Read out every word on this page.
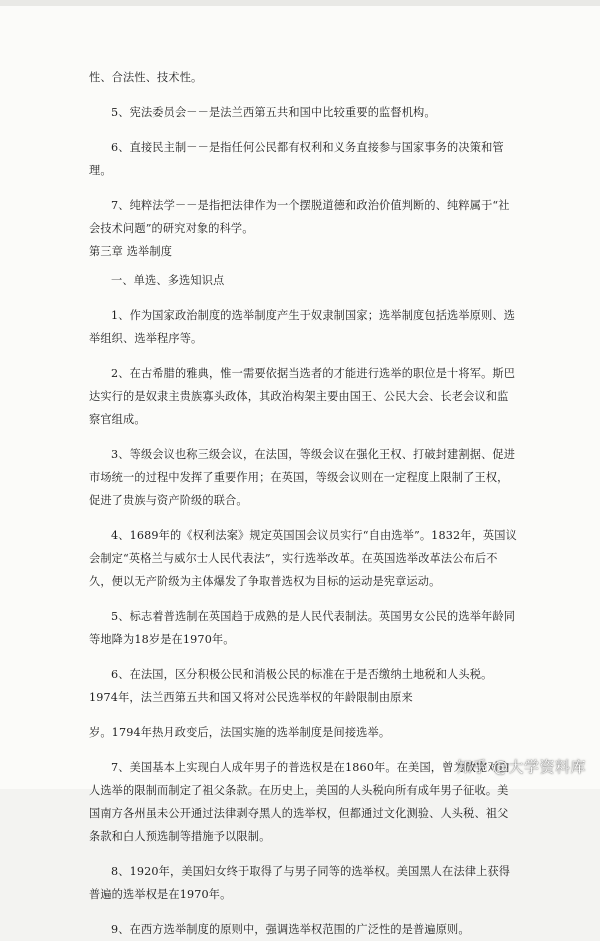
性、合法性、技术性。

5、宪法委员会－－是法兰西第五共和国中比较重要的监督机构。

6、直接民主制－－是指任何公民都有权利和义务直接参与国家事务的决策和管理。

7、纯粹法学－－是指把法律作为一个摆脱道德和政治价值判断的、纯粹属于“社会技术问题”的研究对象的科学。

第三章 选举制度

一、单选、多选知识点

1、作为国家政治制度的选举制度产生于奴隶制国家；选举制度包括选举原则、选举组织、选举程序等。

2、在古希腊的雅典，惟一需要依据当选者的才能进行选举的职位是十将军。斯巴达实行的是奴隶主贵族寡头政体，其政治构架主要由国王、公民大会、长老会议和监察官组成。

3、等级会议也称三级会议，在法国，等级会议在强化王权、打破封建割据、促进市场统一的过程中发挥了重要作用；在英国，等级会议则在一定程度上限制了王权，促进了贵族与资产阶级的联合。

4、1689年的《权利法案》规定英国国会议员实行“自由选举”。1832年，英国议会制定“英格兰与威尔士人民代表法”，实行选举改革。在英国选举改革法公布后不久，便以无产阶级为主体爆发了争取普选权为目标的运动是宪章运动。

5、标志着普选制在英国趋于成熟的是人民代表制法。英国男女公民的选举年龄同等地降为18岁是在1970年。

6、在法国，区分积极公民和消极公民的标准在于是否缴纳土地税和人头税。1974年，法兰西第五共和国又将对公民选举权的年龄限制由原来

岁。1794年热月政变后，法国实施的选举制度是间接选举。

7、美国基本上实现白人成年男子的普选权是在1860年。在美国，曾为放宽对白人选举的限制而制定了祖父条款。在历史上，美国的人头税向所有成年男子征收。美国南方各州虽未公开通过法律剥夺黑人的选举权，但都通过文化测验、人头税、祖父条款和白人预选制等措施予以限制。

8、1920年，美国妇女终于取得了与男子同等的选举权。美国黑人在法律上获得普遍的选举权是在1970年。

9、在西方选举制度的原则中，强调选举权范围的广泛性的是普遍原则。

知乎 @大学资料库
